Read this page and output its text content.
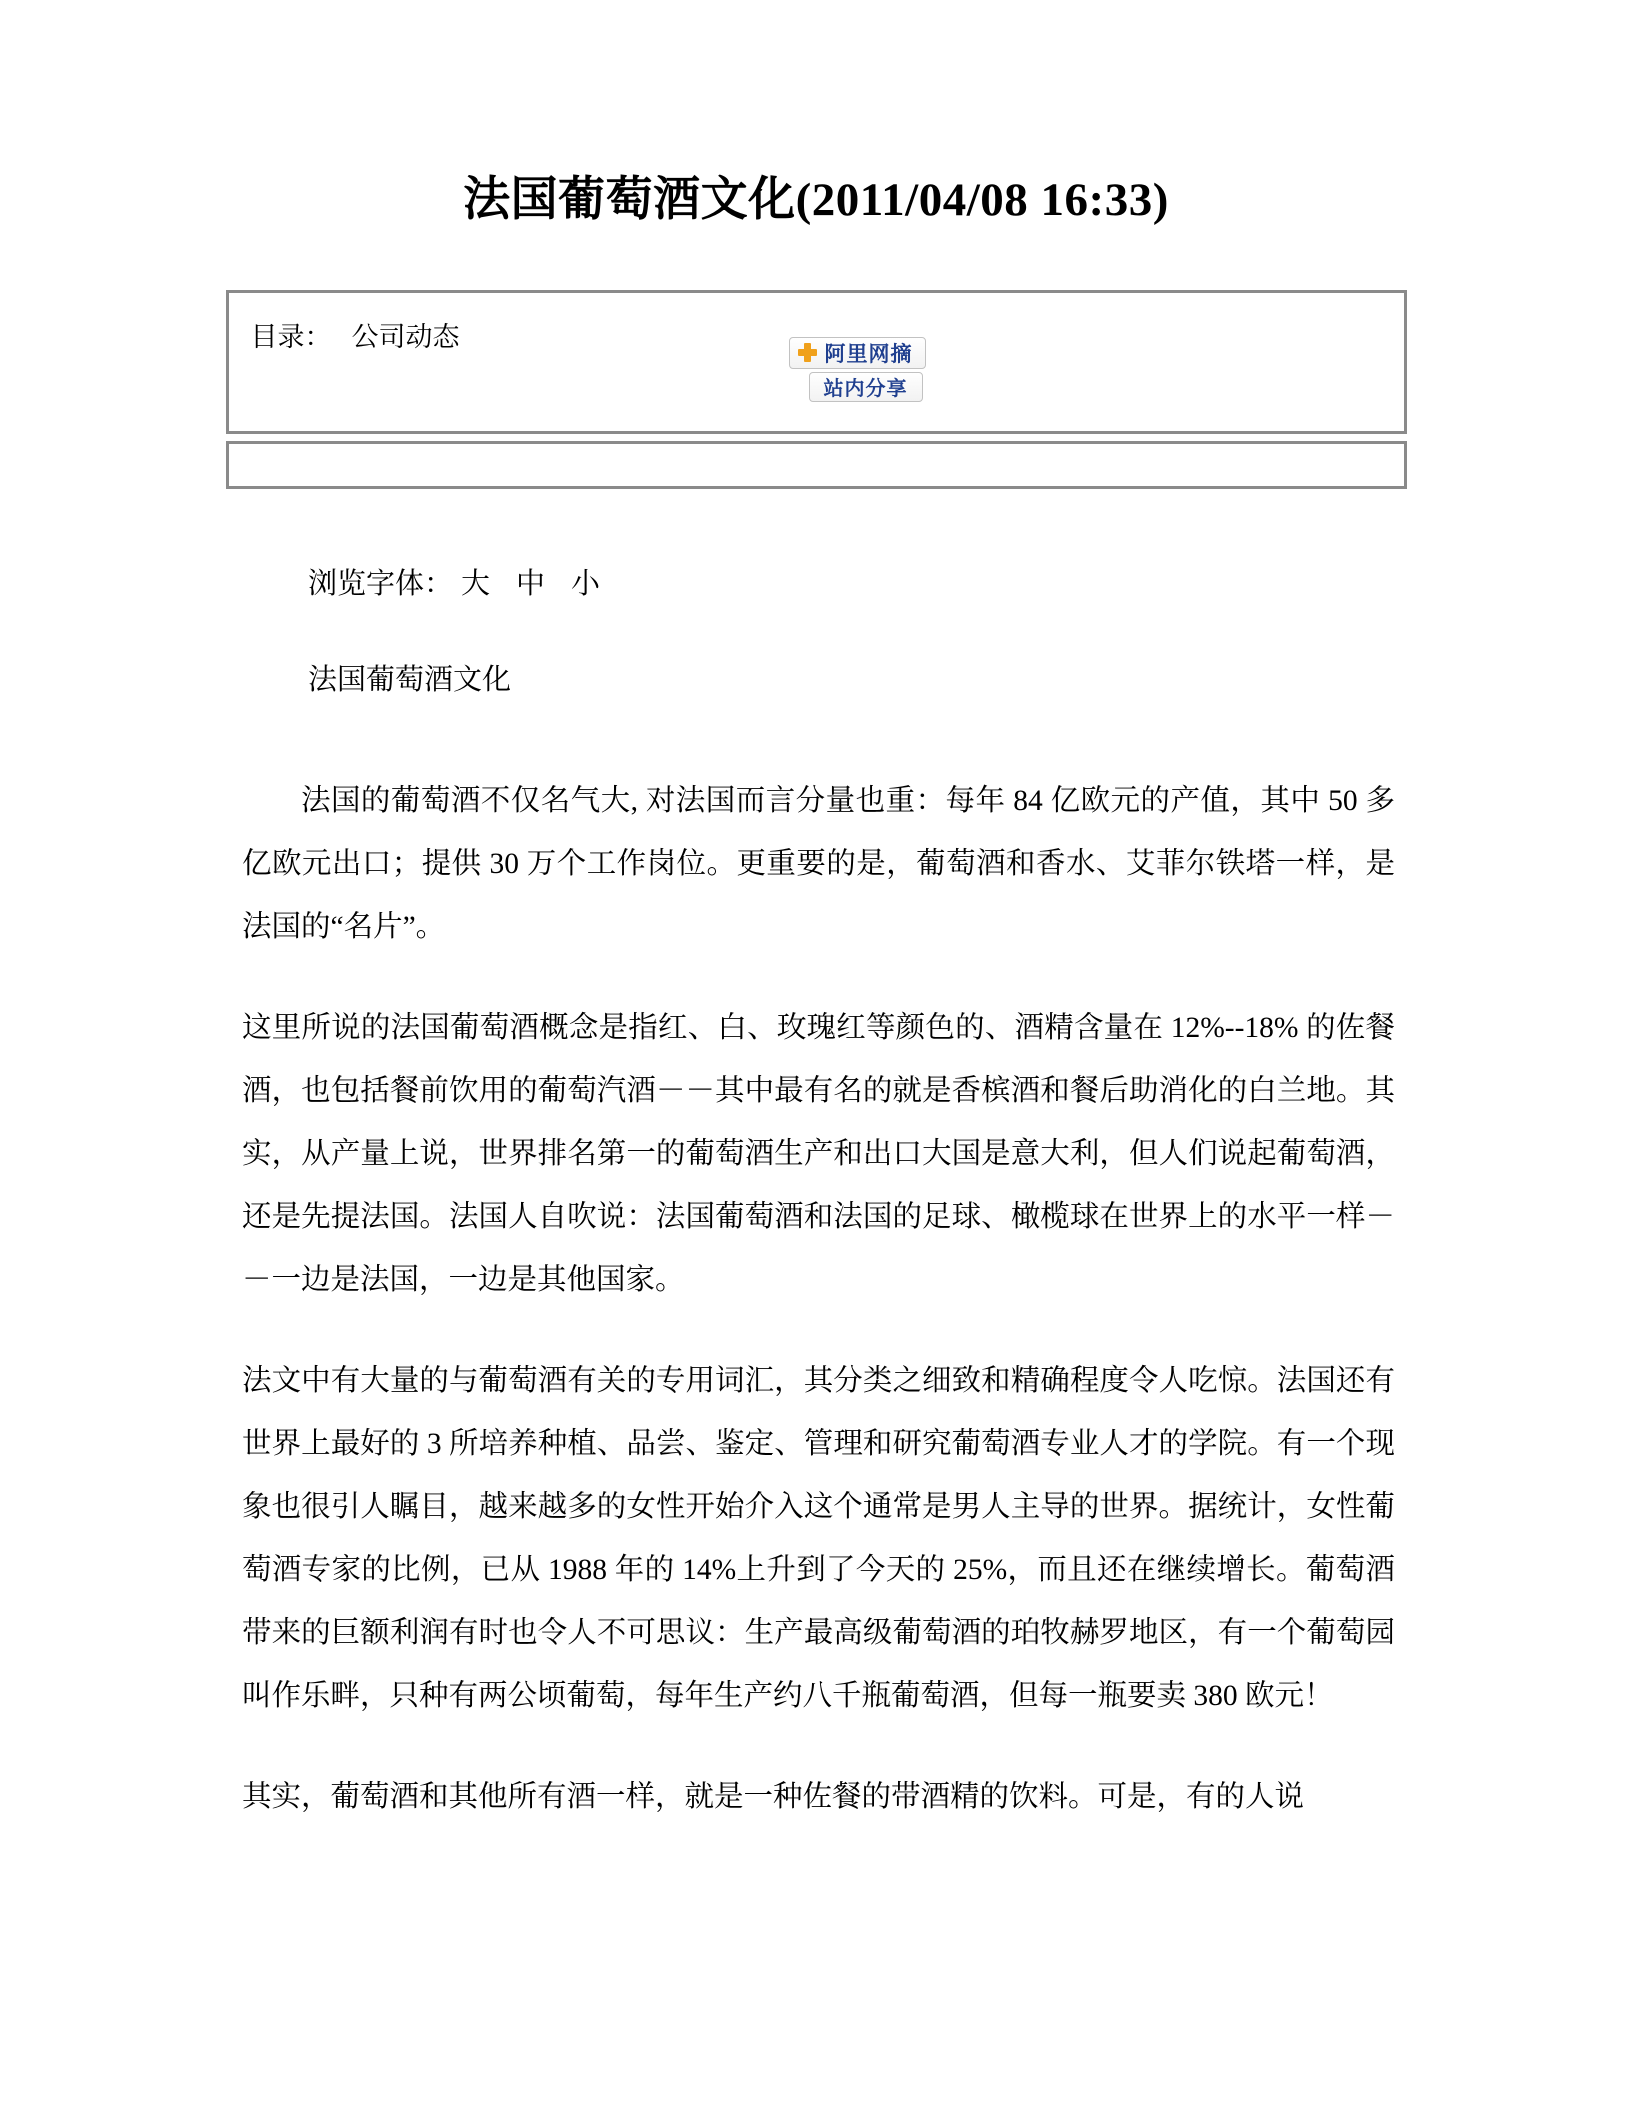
法国葡萄酒文化(2011/04/08 16:33)
目录： 公司动态
阿里网摘
站内分享
浏览字体： 大 中 小
法国葡萄酒文化

法国的葡萄酒不仅名气大, 对法国而言分量也重：每年 84 亿欧元的产值，其中 50 多亿欧元出口；提供 30 万个工作岗位。更重要的是，葡萄酒和香水、艾菲尔铁塔一样，是法国的“名片”。

这里所说的法国葡萄酒概念是指红、白、玫瑰红等颜色的、酒精含量在 12%--18% 的佐餐酒，也包括餐前饮用的葡萄汽酒－－其中最有名的就是香槟酒和餐后助消化的白兰地。其实，从产量上说，世界排名第一的葡萄酒生产和出口大国是意大利，但人们说起葡萄酒，还是先提法国。法国人自吹说：法国葡萄酒和法国的足球、橄榄球在世界上的水平一样－－一边是法国，一边是其他国家。

法文中有大量的与葡萄酒有关的专用词汇，其分类之细致和精确程度令人吃惊。法国还有世界上最好的 3 所培养种植、品尝、鉴定、管理和研究葡萄酒专业人才的学院。有一个现象也很引人瞩目，越来越多的女性开始介入这个通常是男人主导的世界。据统计，女性葡萄酒专家的比例，已从 1988 年的 14%上升到了今天的 25%，而且还在继续增长。葡萄酒带来的巨额利润有时也令人不可思议：生产最高级葡萄酒的珀牧赫罗地区，有一个葡萄园叫作乐畔，只种有两公顷葡萄，每年生产约八千瓶葡萄酒，但每一瓶要卖 380 欧元！

其实，葡萄酒和其他所有酒一样，就是一种佐餐的带酒精的饮料。可是，有的人说
